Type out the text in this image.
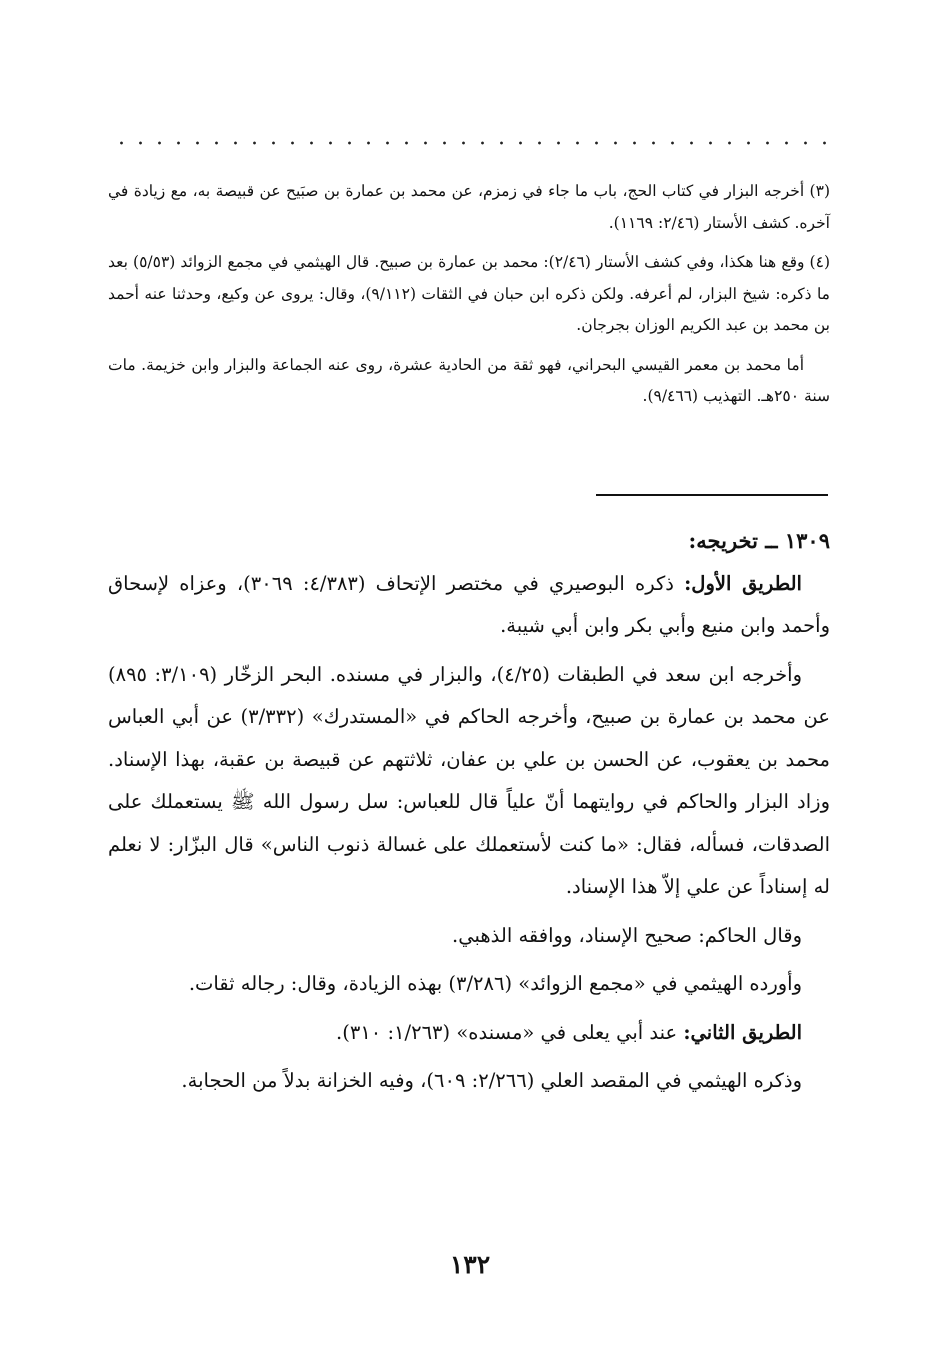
(٣) أخرجه البزار في كتاب الحج، باب ما جاء في زمزم، عن محمد بن عمارة بن صبَيح عن قبيصة به، مع زيادة في آخره. كشف الأستار (٢/٤٦: ١١٦٩).

(٤) وقع هنا هكذا، وفي كشف الأستار (٢/٤٦): محمد بن عمارة بن صبيح. قال الهيثمي في مجمع الزوائد (٥/٥٣) بعد ما ذكره: شيخ البزار، لم أعرفه. ولكن ذكره ابن حبان في الثقات (٩/١١٢)، وقال: يروى عن وكيع، وحدثنا عنه أحمد بن محمد بن عبد الكريم الوزان بجرجان.

أما محمد بن معمر القيسي البحراني، فهو ثقة من الحادية عشرة، روى عنه الجماعة والبزار وابن خزيمة. مات سنة ٢٥٠هـ. التهذيب (٩/٤٦٦).

١٣٠٩ ــ تخريجه:

الطريق الأول: ذكره البوصيري في مختصر الإتحاف (٤/٣٨٣: ٣٠٦٩)، وعزاه لإسحاق وأحمد وابن منيع وأبي بكر وابن أبي شيبة.

وأخرجه ابن سعد في الطبقات (٤/٢٥)، والبزار في مسنده. البحر الزخّار (٣/١٠٩: ٨٩٥) عن محمد بن عمارة بن صبيح، وأخرجه الحاكم في «المستدرك» (٣/٣٣٢) عن أبي العباس محمد بن يعقوب، عن الحسن بن علي بن عفان، ثلاثتهم عن قبيصة بن عقبة، بهذا الإسناد. وزاد البزار والحاكم في روايتهما أنّ علياً قال للعباس: سل رسول الله ﷺ يستعملك على الصدقات، فسأله، فقال: «ما كنت لأستعملك على غسالة ذنوب الناس» قال البزّار: لا نعلم له إسناداً عن علي إلاّ هذا الإسناد.

وقال الحاكم: صحيح الإسناد، ووافقه الذهبي.

وأورده الهيثمي في «مجمع الزوائد» (٣/٢٨٦) بهذه الزيادة، وقال: رجاله ثقات.

الطريق الثاني: عند أبي يعلى في «مسنده» (١/٢٦٣: ٣١٠).

وذكره الهيثمي في المقصد العلي (٢/٢٦٦: ٦٠٩)، وفيه الخزانة بدلاً من الحجابة.

١٣٢
